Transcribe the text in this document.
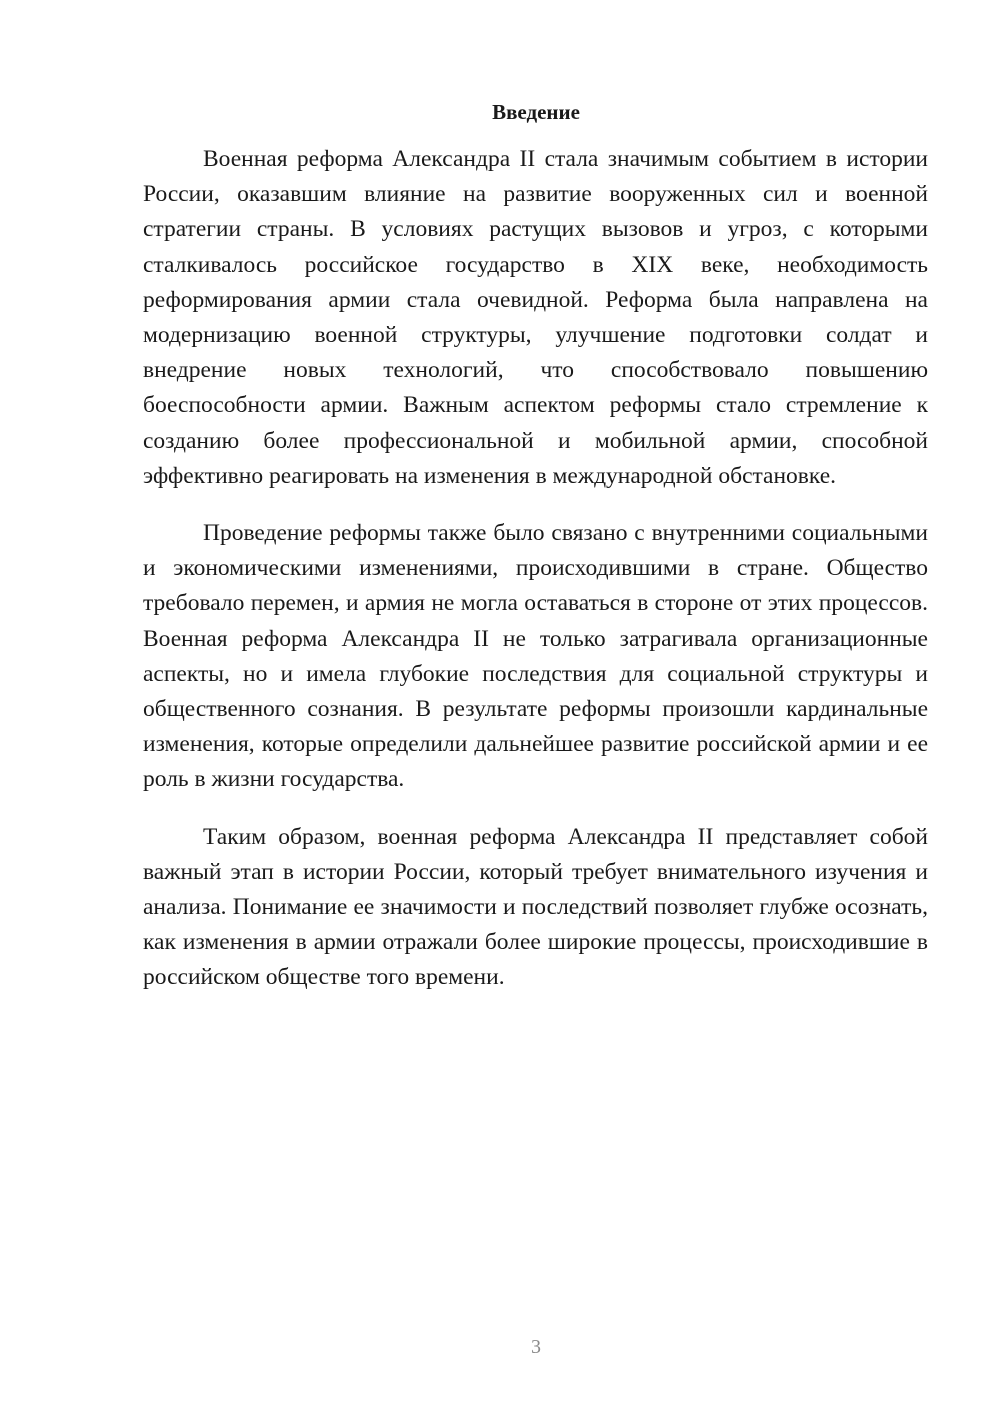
Введение

Военная реформа Александра II стала значимым событием в истории России, оказавшим влияние на развитие вооруженных сил и военной стратегии страны. В условиях растущих вызовов и угроз, с которыми сталкивалось российское государство в XIX веке, необходимость реформирования армии стала очевидной. Реформа была направлена на модернизацию военной структуры, улучшение подготовки солдат и внедрение новых технологий, что способствовало повышению боеспособности армии. Важным аспектом реформы стало стремление к созданию более профессиональной и мобильной армии, способной эффективно реагировать на изменения в международной обстановке.

Проведение реформы также было связано с внутренними социальными и экономическими изменениями, происходившими в стране. Общество требовало перемен, и армия не могла оставаться в стороне от этих процессов. Военная реформа Александра II не только затрагивала организационные аспекты, но и имела глубокие последствия для социальной структуры и общественного сознания. В результате реформы произошли кардинальные изменения, которые определили дальнейшее развитие российской армии и ее роль в жизни государства.

Таким образом, военная реформа Александра II представляет собой важный этап в истории России, который требует внимательного изучения и анализа. Понимание ее значимости и последствий позволяет глубже осознать, как изменения в армии отражали более широкие процессы, происходившие в российском обществе того времени.

3
